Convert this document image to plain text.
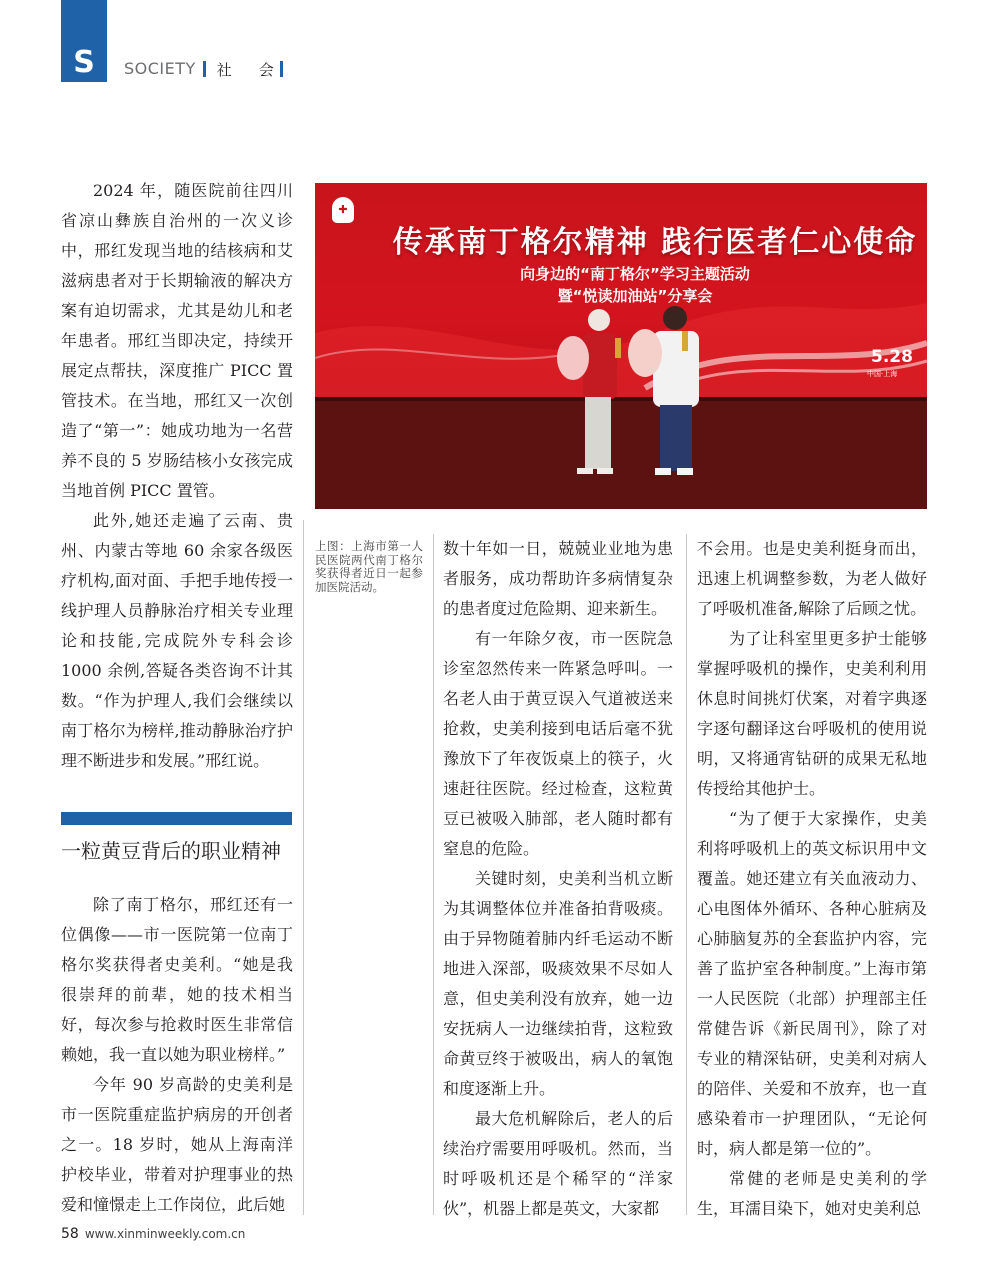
S SOCIETY	社　会

2024 年，随医院前往四川省凉山彝族自治州的一次义诊中，邢红发现当地的结核病和艾滋病患者对于长期输液的解决方案有迫切需求，尤其是幼儿和老年患者。邢红当即决定，持续开展定点帮扶，深度推广 PICC 置管技术。在当地，邢红又一次创造了“第一”：她成功地为一名营养不良的 5 岁肠结核小女孩完成当地首例 PICC 置管。

此外,她还走遍了云南、贵州、内蒙古等地 60 余家各级医疗机构,面对面、手把手地传授一线护理人员静脉治疗相关专业理论和技能,完成院外专科会诊 1000 余例,答疑各类咨询不计其数。“作为护理人,我们会继续以南丁格尔为榜样,推动静脉治疗护理不断进步和发展。”邢红说。

一粒黄豆背后的职业精神

除了南丁格尔，邢红还有一位偶像——市一医院第一位南丁格尔奖获得者史美利。“她是我很崇拜的前辈，她的技术相当好，每次参与抢救时医生非常信赖她，我一直以她为职业榜样。”

今年 90 岁高龄的史美利是市一医院重症监护病房的开创者之一。18 岁时，她从上海南洋护校毕业，带着对护理事业的热爱和憧憬走上工作岗位，此后她

✚
传承南丁格尔精神 践行医者仁心使命
向身边的“南丁格尔”学习主题活动
暨“悦读加油站”分享会
5.28
中国·上海
上图：上海市第一人民医院两代南丁格尔奖获得者近日一起参加医院活动。

数十年如一日，兢兢业业地为患者服务，成功帮助许多病情复杂的患者度过危险期、迎来新生。

有一年除夕夜，市一医院急诊室忽然传来一阵紧急呼叫。一名老人由于黄豆误入气道被送来抢救，史美利接到电话后毫不犹豫放下了年夜饭桌上的筷子，火速赶往医院。经过检查，这粒黄豆已被吸入肺部，老人随时都有窒息的危险。

关键时刻，史美利当机立断为其调整体位并准备拍背吸痰。由于异物随着肺内纤毛运动不断地进入深部，吸痰效果不尽如人意，但史美利没有放弃，她一边安抚病人一边继续拍背，这粒致命黄豆终于被吸出，病人的氧饱和度逐渐上升。

最大危机解除后，老人的后续治疗需要用呼吸机。然而，当时呼吸机还是个稀罕的“洋家伙”，机器上都是英文，大家都

不会用。也是史美利挺身而出，迅速上机调整参数，为老人做好了呼吸机准备,解除了后顾之忧。

为了让科室里更多护士能够掌握呼吸机的操作，史美利利用休息时间挑灯伏案，对着字典逐字逐句翻译这台呼吸机的使用说明，又将通宵钻研的成果无私地传授给其他护士。

“为了便于大家操作，史美利将呼吸机上的英文标识用中文覆盖。她还建立有关血液动力、心电图体外循环、各种心脏病及心肺脑复苏的全套监护内容，完善了监护室各种制度。”上海市第一人民医院（北部）护理部主任常健告诉《新民周刊》，除了对专业的精深钻研，史美利对病人的陪伴、关爱和不放弃，也一直感染着市一护理团队，“无论何时，病人都是第一位的”。

常健的老师是史美利的学生，耳濡目染下，她对史美利总

58 www.xinminweekly.com.cn
